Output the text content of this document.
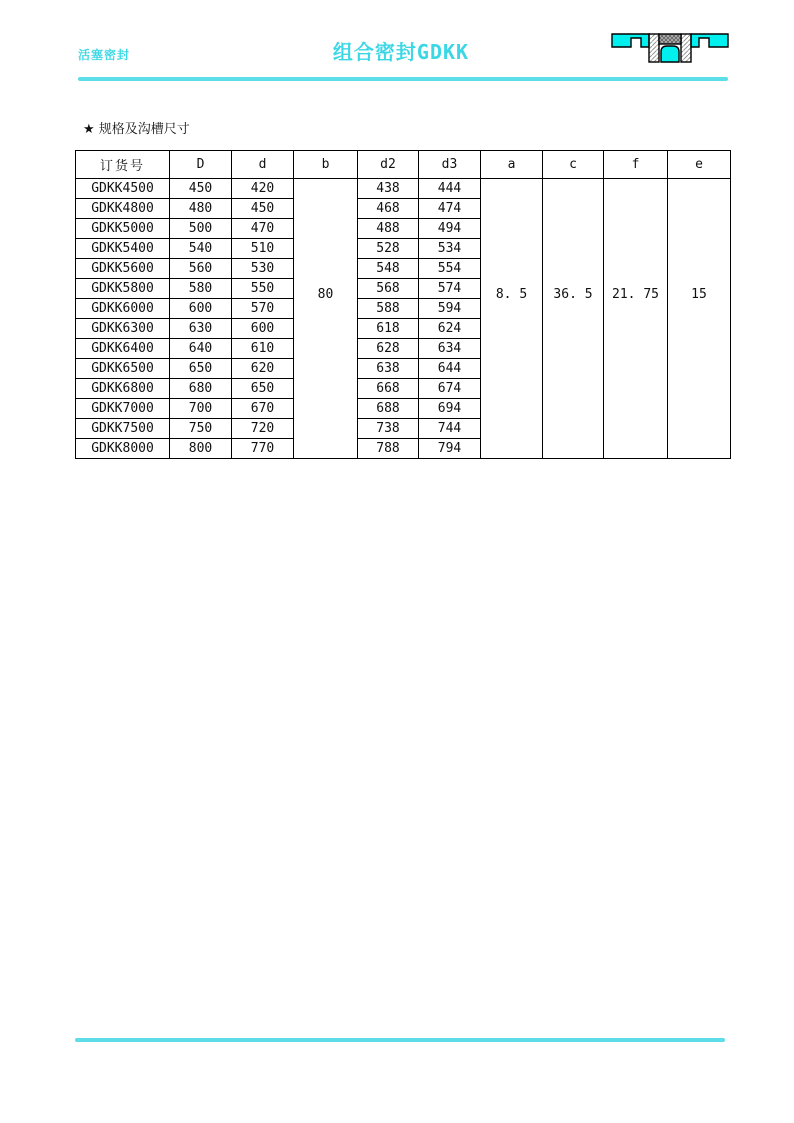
活塞密封	组合密封GDKK
★ 规格及沟槽尺寸
订货号	D	d	b	d2	d3	a	c	f	e
GDKK4500	450	420	80	438	444	8. 5	36. 5	21. 75	15

GDKK4800	480	450		468	474				
GDKK5000	500	470		488	494				
GDKK5400	540	510		528	534				
GDKK5600	560	530		548	554				
GDKK5800	580	550		568	574				
GDKK6000	600	570		588	594				
GDKK6300	630	600		618	624				
GDKK6400	640	610		628	634				
GDKK6500	650	620		638	644				
GDKK6800	680	650		668	674				
GDKK7000	700	670		688	694				
GDKK7500	750	720		738	744				
GDKK8000	800	770		788	794				
